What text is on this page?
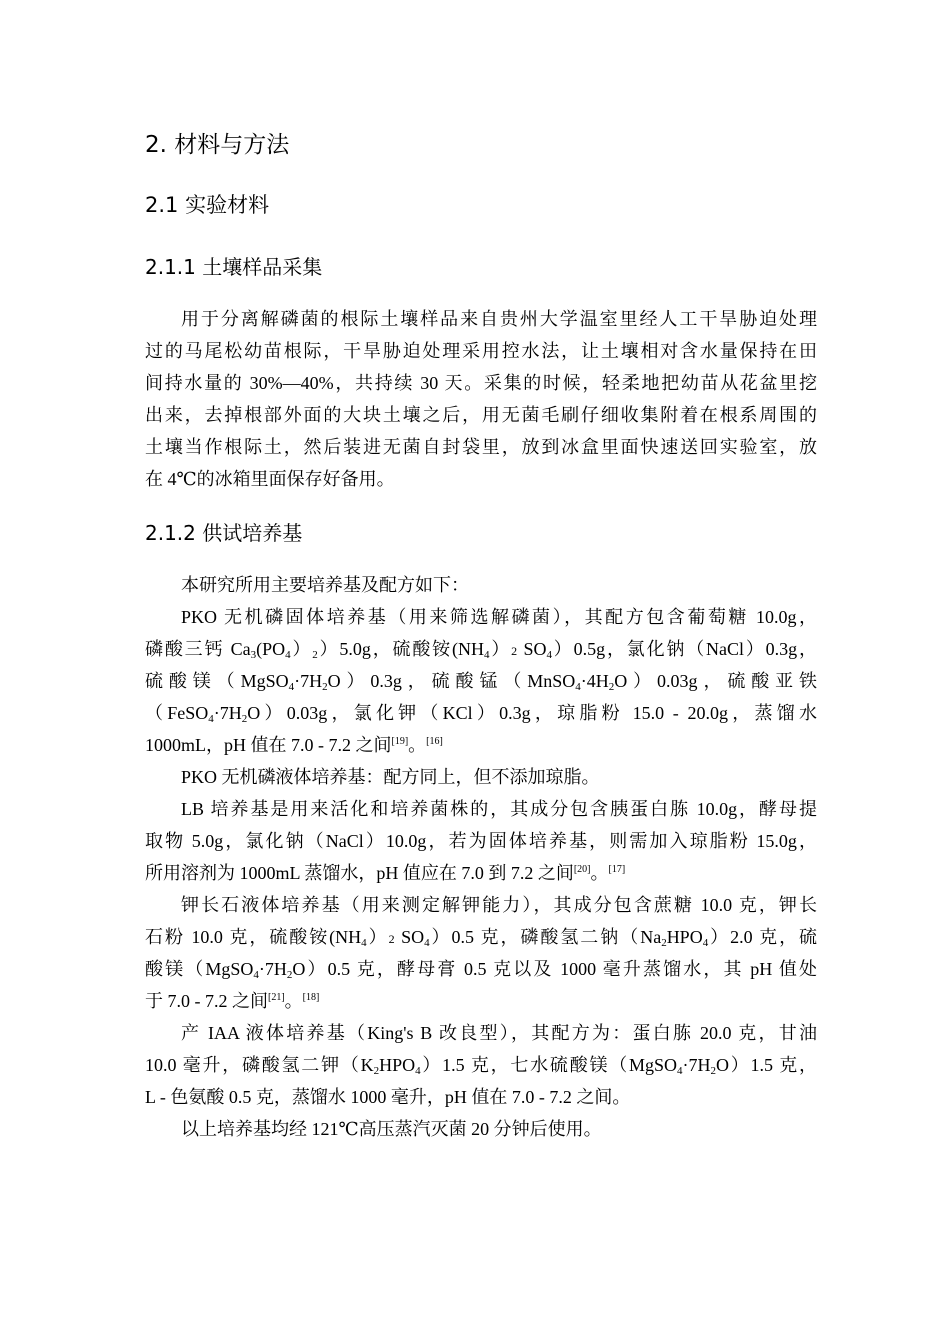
2. 材料与方法
2.1 实验材料
2.1.1 土壤样品采集
用于分离解磷菌的根际土壤样品来自贵州大学温室里经人工干旱胁迫处理
过的马尾松幼苗根际，干旱胁迫处理采用控水法，让土壤相对含水量保持在田
间持水量的 30%—40%，共持续 30 天。采集的时候，轻柔地把幼苗从花盆里挖
出来，去掉根部外面的大块土壤之后，用无菌毛刷仔细收集附着在根系周围的
土壤当作根际土，然后装进无菌自封袋里，放到冰盒里面快速送回实验室，放
在 4℃的冰箱里面保存好备用。
2.1.2 供试培养基
本研究所用主要培养基及配方如下：
PKO 无机磷固体培养基（用来筛选解磷菌），其配方包含葡萄糖 10.0g，
磷酸三钙 $Ca_3(PO_4)_2)5.0g$，硫酸铵$(NH_4)2$ $SO_4)0.5g$，氯化钠（NaCl）0.3g，
硫酸镁$(MgSO_4\cdot 7H_2O)0.3g$，硫酸锰$(MnSO_4\cdot 4H_2O)0.03g$，硫酸亚铁
$(FeSO_4\cdot 7H_2O)0.03g$，氯化钾（KCl）0.3g，琼脂粉 15.0 - 20.0g，蒸馏水
1000mL，pH 值在 7.0 - 7.2 之间[19]。[16]
PKO 无机磷液体培养基：配方同上，但不添加琼脂。
LB 培养基是用来活化和培养菌株的，其成分包含胰蛋白胨 10.0g，酵母提
取物 5.0g，氯化钠（NaCl）10.0g，若为固体培养基，则需加入琼脂粉 15.0g，
所用溶剂为 1000mL 蒸馏水，pH 值应在 7.0 到 7.2 之间[20]。[17]
钾长石液体培养基（用来测定解钾能力），其成分包含蔗糖 10.0 克，钾长
石粉 10.0 克，硫酸铵$(NH_4)2$ $SO_4)0.5$ 克，磷酸氢二钠$(Na_2HPO_4)2.0$ 克，硫
酸镁$(MgSO_4\cdot 7H_2O)0.5$ 克，酵母膏 0.5 克以及 1000 毫升蒸馏水，其 pH 值处
于 7.0 - 7.2 之间[21]。[18]
产 IAA 液体培养基（King's B 改良型），其配方为：蛋白胨 20.0 克，甘油
10.0 毫升，磷酸氢二钾$(K_2HPO_4)1.5$ 克，七水硫酸镁$(MgSO_4\cdot 7H_2O)1.5$ 克，
L - 色氨酸 0.5 克，蒸馏水 1000 毫升，pH 值在 7.0 - 7.2 之间。
以上培养基均经 121℃高压蒸汽灭菌 20 分钟后使用。
